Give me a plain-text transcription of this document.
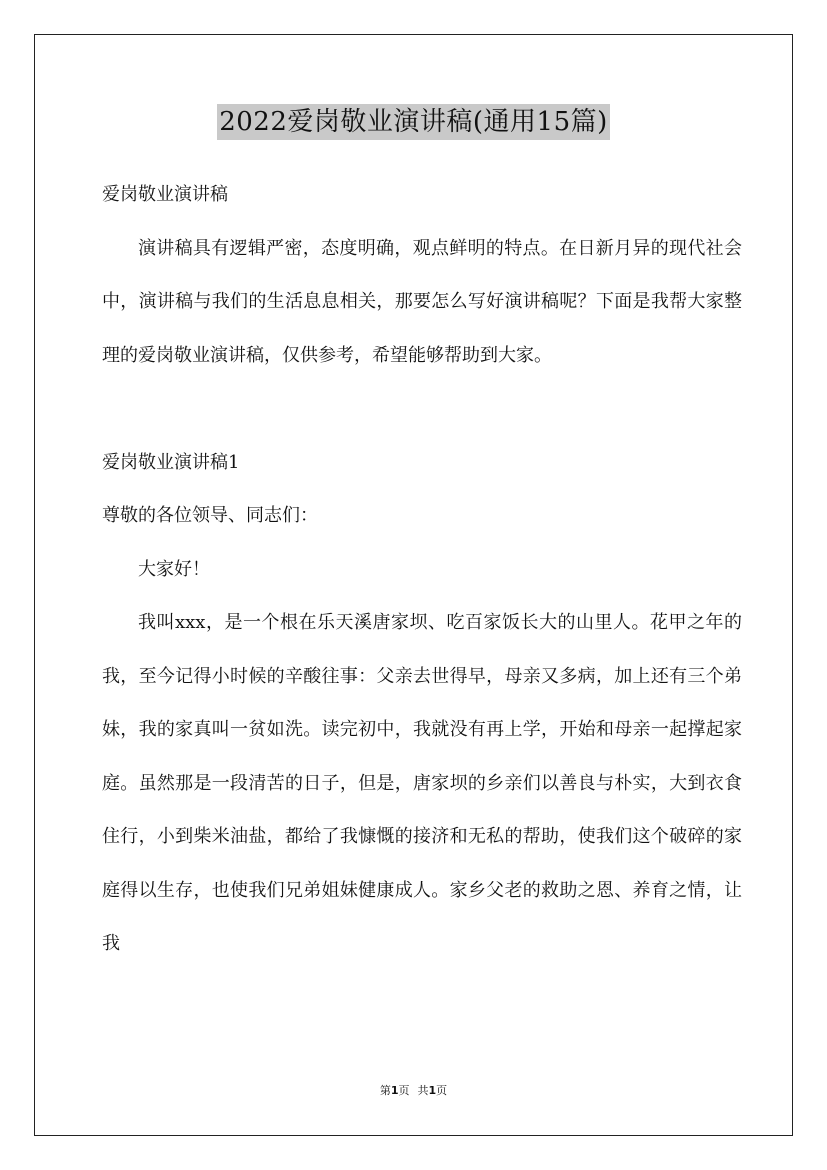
2022爱岗敬业演讲稿(通用15篇)

爱岗敬业演讲稿

演讲稿具有逻辑严密，态度明确，观点鲜明的特点。在日新月异的现代社会中，演讲稿与我们的生活息息相关，那要怎么写好演讲稿呢？下面是我帮大家整理的爱岗敬业演讲稿，仅供参考，希望能够帮助到大家。

爱岗敬业演讲稿1

尊敬的各位领导、同志们：

大家好！

我叫xxx，是一个根在乐天溪唐家坝、吃百家饭长大的山里人。花甲之年的我，至今记得小时候的辛酸往事：父亲去世得早，母亲又多病，加上还有三个弟妹，我的家真叫一贫如洗。读完初中，我就没有再上学，开始和母亲一起撑起家庭。虽然那是一段清苦的日子，但是，唐家坝的乡亲们以善良与朴实，大到衣食住行，小到柴米油盐，都给了我慷慨的接济和无私的帮助，使我们这个破碎的家庭得以生存，也使我们兄弟姐妹健康成人。家乡父老的救助之恩、养育之情，让我

第1页 共1页
